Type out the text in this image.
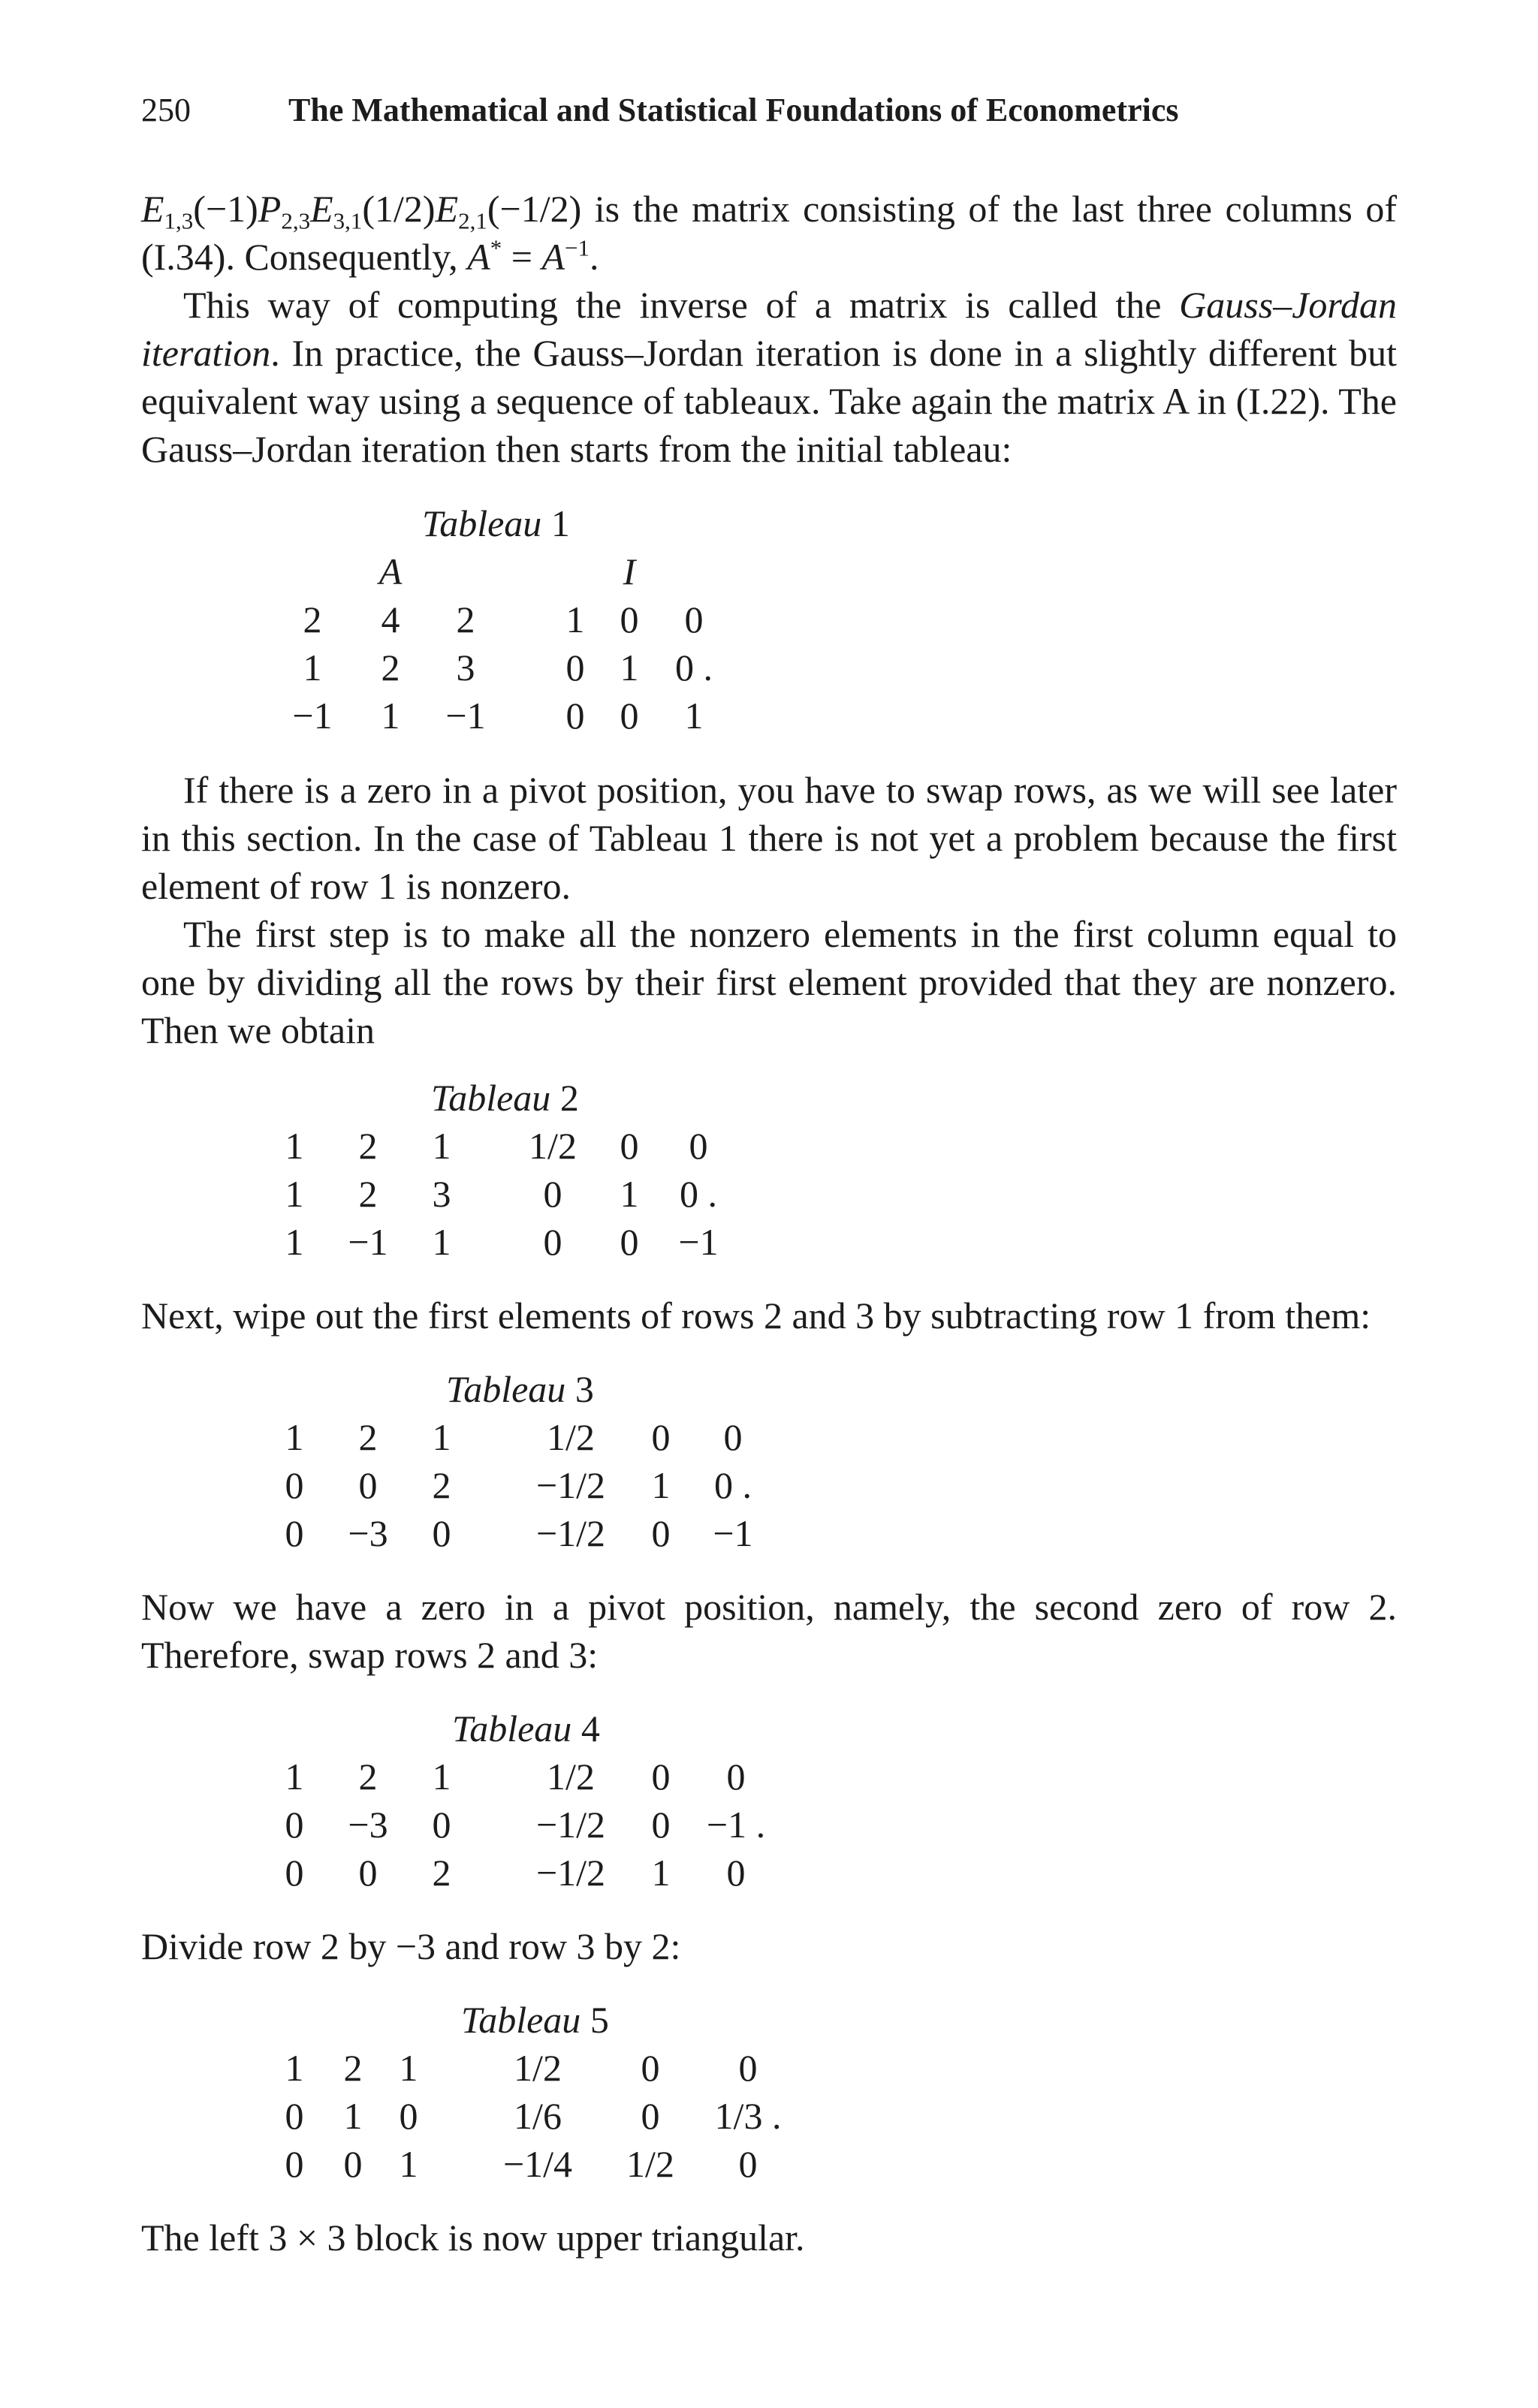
250	The Mathematical and Statistical Foundations of Econometrics

$E_{1,3}(-1)P_{2,3}E_{3,1}(1/2)E_{2,1}(-1/2)$ is the matrix consisting of the last three columns of (I.34). Consequently, $A^* = A^{-1}$.

This way of computing the inverse of a matrix is called the Gauss–Jordan iteration. In practice, the Gauss–Jordan iteration is done in a slightly different but equivalent way using a sequence of tableaux. Take again the matrix A in (I.22). The Gauss–Jordan iteration then starts from the initial tableau:

Tableau 1
A	I
2	4	2	1 0	0
1	2	3	0 1 0 .
−1	1	−1	0 0	1

If there is a zero in a pivot position, you have to swap rows, as we will see later in this section. In the case of Tableau 1 there is not yet a problem because the first element of row 1 is nonzero.

The first step is to make all the nonzero elements in the first column equal to one by dividing all the rows by their first element provided that they are nonzero. Then we obtain

Tableau 2
1	2	1	1/2	0	0
1	2	3	0	1	0 .
1	−1	1	0	0	−1

Next, wipe out the first elements of rows 2 and 3 by subtracting row 1 from them:

Tableau 3
1	2	1	1/2	0	0
0	0	2	−1/2	1	0 .
0	−3	0	−1/2	0	−1

Now we have a zero in a pivot position, namely, the second zero of row 2. Therefore, swap rows 2 and 3:

Tableau 4
1	2	1	1/2	0	0
0	−3	0	−1/2	0 −1 .
0	0	2	−1/2	1	0

Divide row 2 by −3 and row 3 by 2:

Tableau 5
1	2 1	1/2	0	0
0	1 0	1/6	0	1/3 .
0	0 1	−1/4	1/2	0

The left 3 × 3 block is now upper triangular.
